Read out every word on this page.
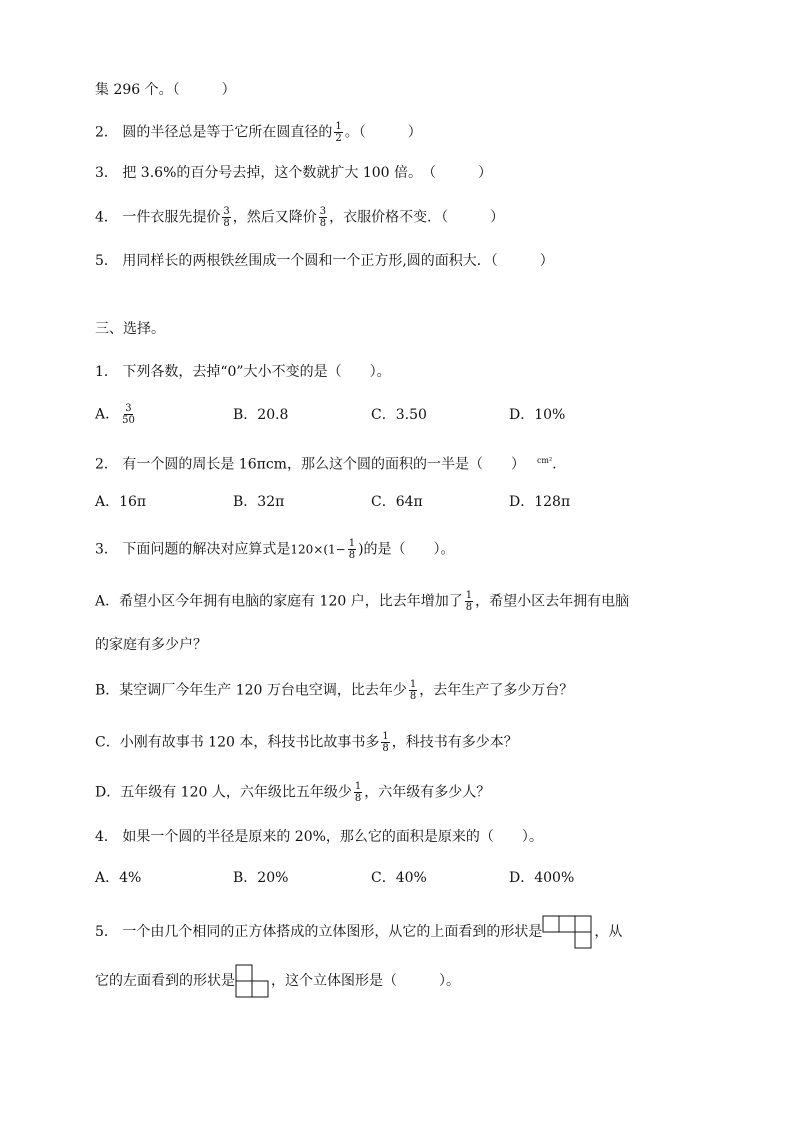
集 296 个。（　　　）
2． 圆的半径总是等于它所在圆直径的 $\frac{1}{2}$ 。（　　　）
3． 把 3.6%的百分号去掉，这个数就扩大 100 倍。　（　　　）
4． 一件衣服先提价 $\frac{3}{8}$ ，然后又降价 $\frac{3}{8}$ ，衣服价格不变．（　　　）
5． 用同样长的两根铁丝围成一个圆和一个正方形,圆的面积大．（　　　）
三、选择。
1． 下列各数，去掉“0”大小不变的是（　　）。
A． $\frac{3}{50}$	B．20.8	C．3.50	D．10%
2． 有一个圆的周长是 16πcm，那么这个圆的面积的一半是（　　） $^{cm^2}$．
A．16π	B．32π	C．64π	D．128π
3． 下面问题的解决对应算式是$120\times(1- \frac{1}{8}$ )的是（　　）。
A．希望小区今年拥有电脑的家庭有 120 户，比去年增加了 $\frac{1}{8}$ ，希望小区去年拥有电脑
的家庭有多少户？
B．某空调厂今年生产 120 万台电空调，比去年少 $\frac{1}{8}$ ，去年生产了多少万台？
C．小刚有故事书 120 本，科技书比故事书多 $\frac{1}{8}$ ，科技书有多少本？
D．五年级有 120 人，六年级比五年级少 $\frac{1}{8}$ ，六年级有多少人？
4． 如果一个圆的半径是原来的 20%，那么它的面积是原来的（　　）。
A．4%	B．20%	C．40%	D．400%
5． 一个由几个相同的正方体搭成的立体图形，从它的上面看到的形状是	，从
它的左面看到的形状是	，这个立体图形是（　　　）。
